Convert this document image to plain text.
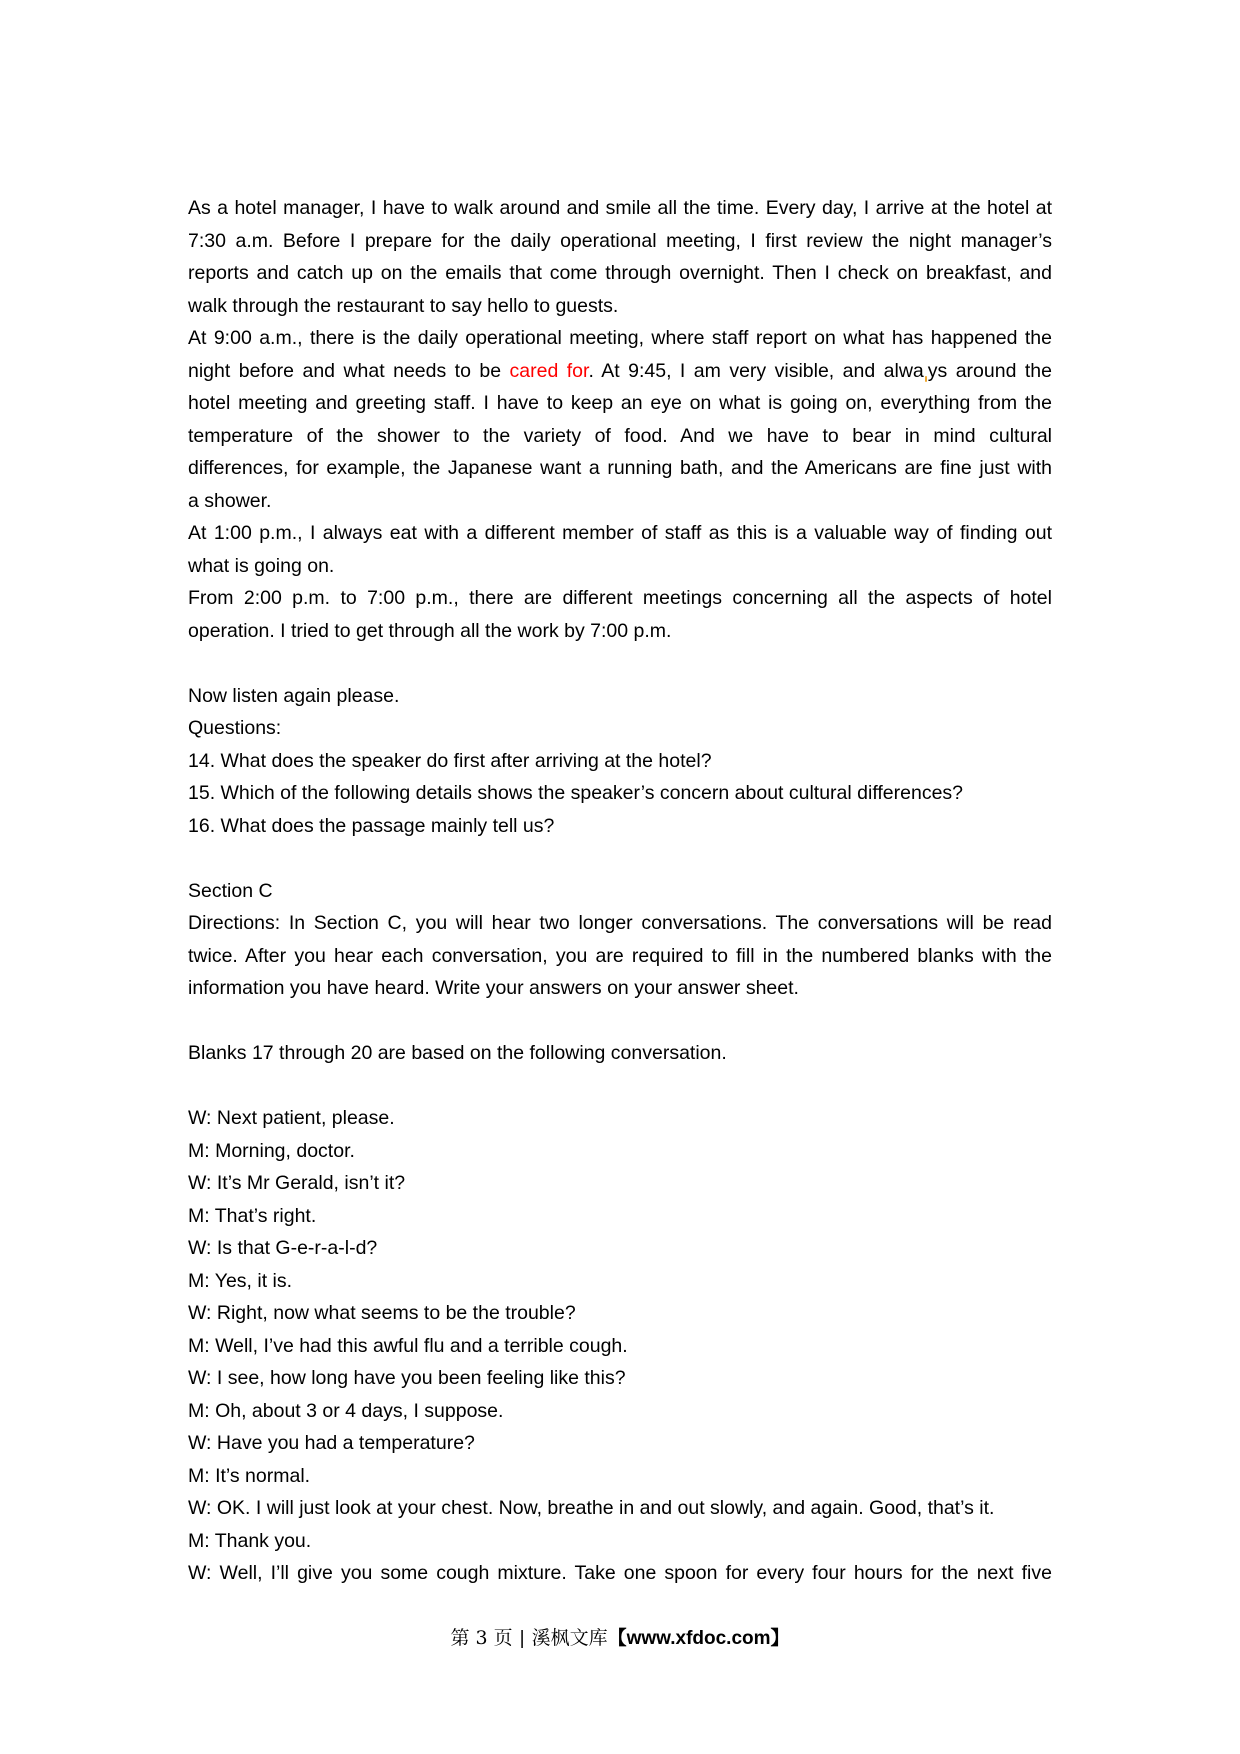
As a hotel manager, I have to walk around and smile all the time. Every day, I arrive at the hotel at
7:30 a.m. Before I prepare for the daily operational meeting, I first review the night manager’s
reports and catch up on the emails that come through overnight. Then I check on breakfast, and
walk through the restaurant to say hello to guests.
At 9:00 a.m., there is the daily operational meeting, where staff report on what has happened the
night before and what needs to be cared for. At 9:45, I am very visible, and alwa ys around the
hotel meeting and greeting staff. I have to keep an eye on what is going on, everything from the
temperature of the shower to the variety of food. And we have to bear in mind cultural
differences, for example, the Japanese want a running bath, and the Americans are fine just with
a shower.
At 1:00 p.m., I always eat with a different member of staff as this is a valuable way of finding out
what is going on.
From 2:00 p.m. to 7:00 p.m., there are different meetings concerning all the aspects of hotel
operation. I tried to get through all the work by 7:00 p.m.
Now listen again please.
Questions:
14. What does the speaker do first after arriving at the hotel?
15. Which of the following details shows the speaker’s concern about cultural differences?
16. What does the passage mainly tell us?
Section C
Directions: In Section C, you will hear two longer conversations. The conversations will be read
twice. After you hear each conversation, you are required to fill in the numbered blanks with the
information you have heard. Write your answers on your answer sheet.
Blanks 17 through 20 are based on the following conversation.
W: Next patient, please.
M: Morning, doctor.
W: It’s Mr Gerald, isn’t it?
M: That’s right.
W: Is that G-e-r-a-l-d?
M: Yes, it is.
W: Right, now what seems to be the trouble?
M: Well, I’ve had this awful flu and a terrible cough.
W: I see, how long have you been feeling like this?
M: Oh, about 3 or 4 days, I suppose.
W: Have you had a temperature?
M: It’s normal.
W: OK. I will just look at your chest. Now, breathe in and out slowly, and again. Good, that’s it.
M: Thank you.
W: Well, I’ll give you some cough mixture. Take one spoon for every four hours for the next five
第 3 页 | 溪枫文库【www.xfdoc.com】
